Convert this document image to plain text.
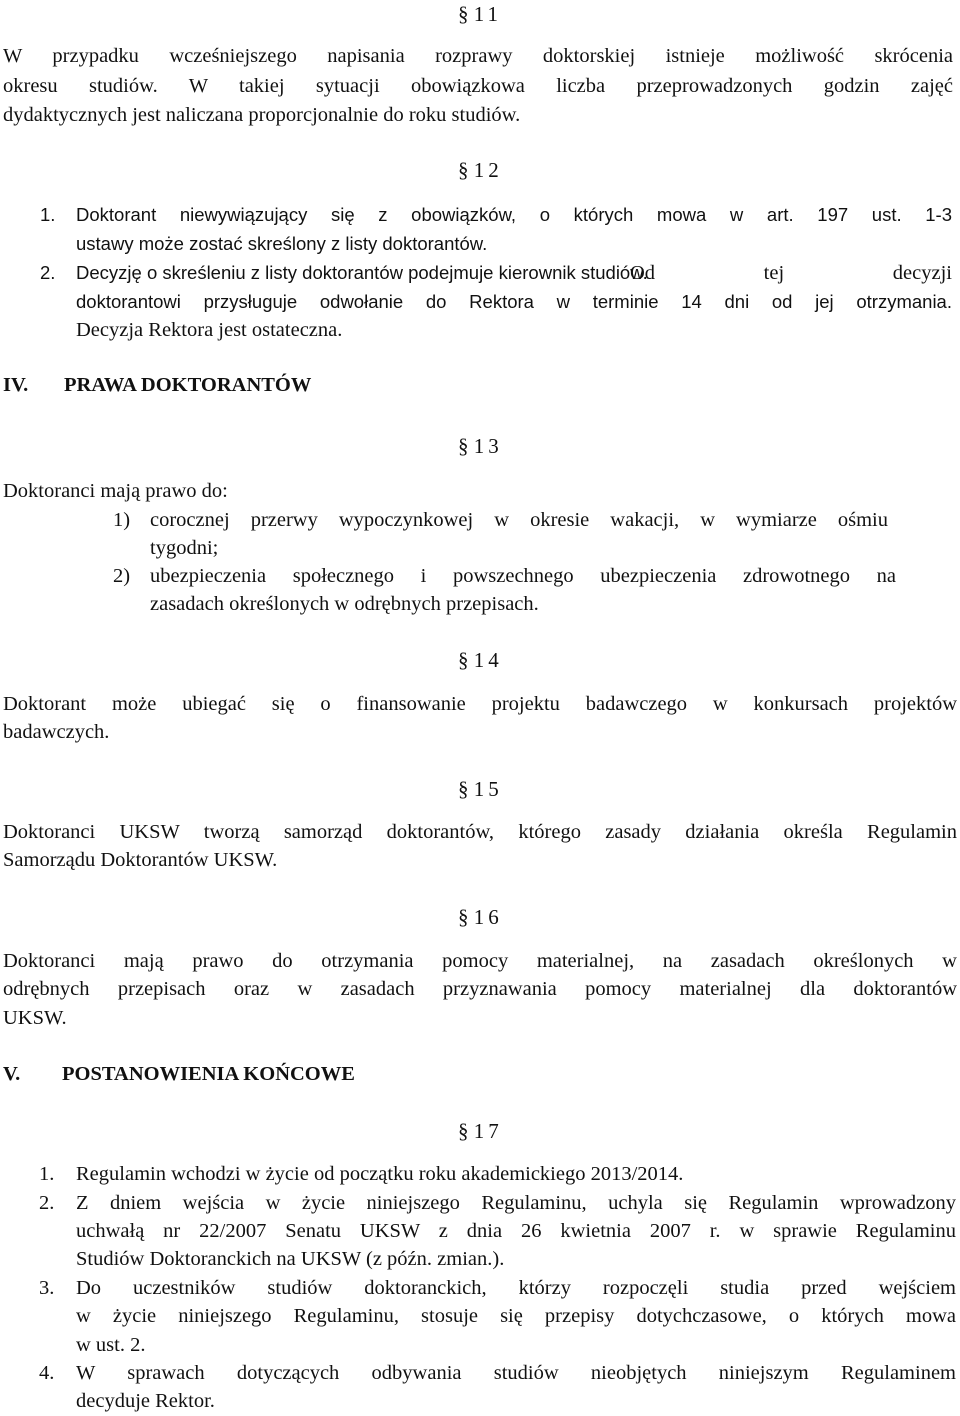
§ 11
W przypadku wcześniejszego napisania rozprawy doktorskiej istnieje możliwość skrócenia
okresu studiów. W takiej sytuacji obowiązkowa liczba przeprowadzonych godzin zajęć
dydaktycznych jest naliczana proporcjonalnie do roku studiów.
§ 12
1. Doktorant niewywiązujący się z obowiązków, o których mowa w art. 197 ust. 1-3
ustawy może zostać skreślony z listy doktorantów.
2. Decyzję o skreśleniu z listy doktorantów podejmuje kierownik studiów.
Od tej decyzji
doktorantowi przysługuje odwołanie do Rektora w terminie 14 dni od jej otrzymania.
Decyzja Rektora jest ostateczna.
IV. PRAWA DOKTORANTÓW
§ 13
Doktoranci mają prawo do:
1) corocznej przerwy wypoczynkowej w okresie wakacji, w wymiarze ośmiu
tygodni;
2) ubezpieczenia społecznego i powszechnego ubezpieczenia zdrowotnego na
zasadach określonych w odrębnych przepisach.
§ 14
Doktorant może ubiegać się o finansowanie projektu badawczego w konkursach projektów
badawczych.
§ 15
Doktoranci UKSW tworzą samorząd doktorantów, którego zasady działania określa Regulamin
Samorządu Doktorantów UKSW.
§ 16
Doktoranci mają prawo do otrzymania pomocy materialnej, na zasadach określonych w
odrębnych przepisach oraz w zasadach przyznawania pomocy materialnej dla doktorantów
UKSW.
V. POSTANOWIENIA KOŃCOWE
§ 17
1. Regulamin wchodzi w życie od początku roku akademickiego 2013/2014.
2. Z dniem wejścia w życie niniejszego Regulaminu, uchyla się Regulamin wprowadzony
uchwałą nr 22/2007 Senatu UKSW z dnia 26 kwietnia 2007 r. w sprawie Regulaminu
Studiów Doktoranckich na UKSW (z późn. zmian.).
3. Do uczestników studiów doktoranckich, którzy rozpoczęli studia przed wejściem
w życie niniejszego Regulaminu, stosuje się przepisy dotychczasowe, o których mowa
w ust. 2.
4. W sprawach dotyczących odbywania studiów nieobjętych niniejszym Regulaminem
decyduje Rektor.
